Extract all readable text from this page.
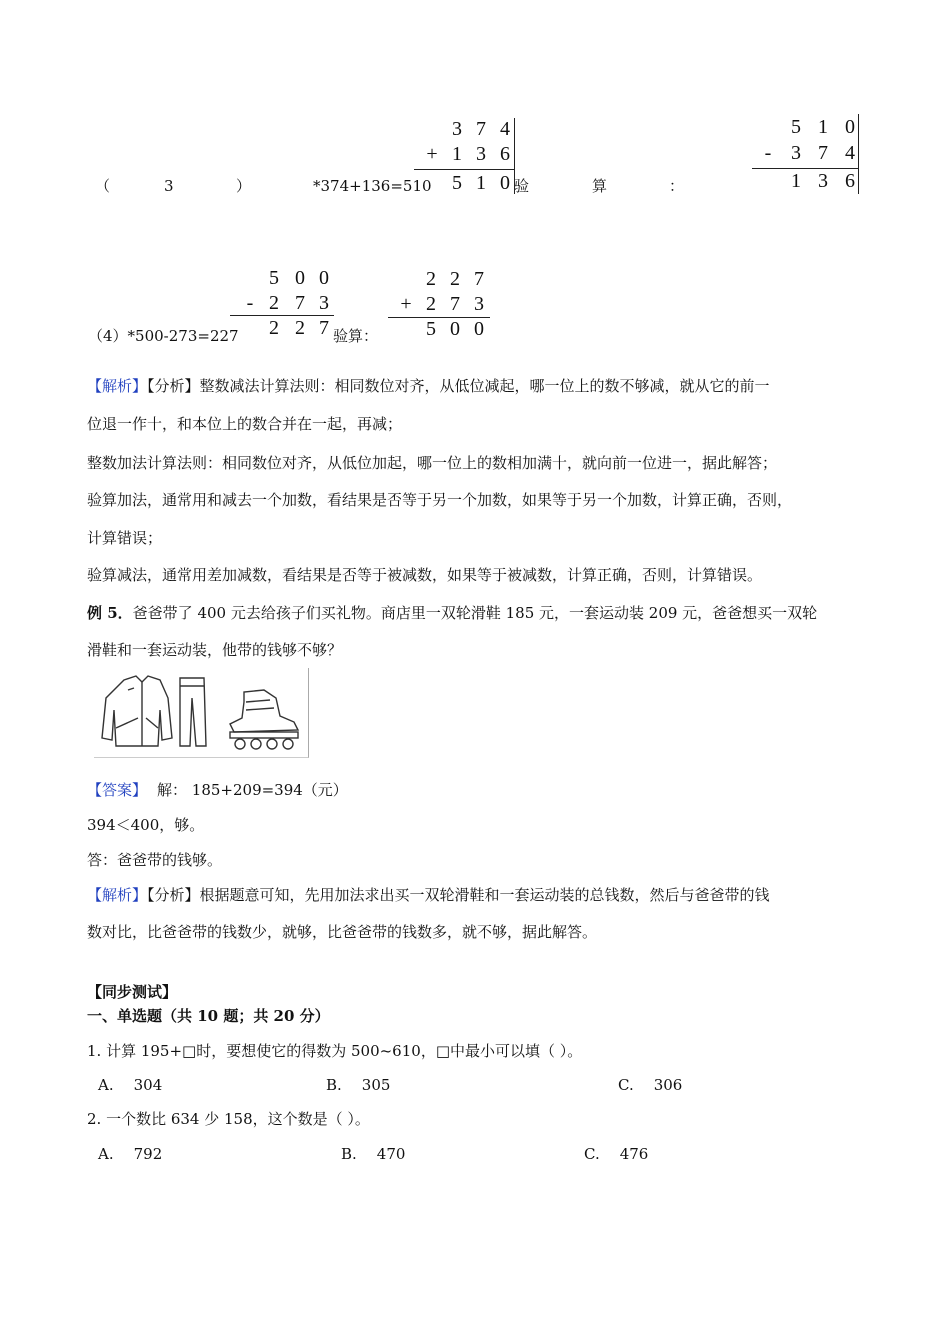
（	3	）	*374+136=510
3 7 4
+ 1 3 6
5 1 0 验	算	：
5 1 0
- 3 7 4
1 3 6
（4）*500-273=227
5 0 0
- 2 7 3
2 2 7 验算：
2 2 7
+ 2 7 3
5 0 0
【解析】【分析】整数减法计算法则：相同数位对齐，从低位减起，哪一位上的数不够减，就从它的前一
位退一作十，和本位上的数合并在一起，再减；
整数加法计算法则：相同数位对齐，从低位加起，哪一位上的数相加满十，就向前一位进一，据此解答；
验算加法，通常用和减去一个加数，看结果是否等于另一个加数，如果等于另一个加数，计算正确，否则，
计算错误；
验算减法，通常用差加减数，看结果是否等于被减数，如果等于被减数，计算正确，否则，计算错误。
例 5．爸爸带了 400 元去给孩子们买礼物。商店里一双轮滑鞋 185 元，一套运动装 209 元，爸爸想买一双轮
滑鞋和一套运动装，他带的钱够不够？
【答案】 解： 185+209=394（元）
394＜400，够。
答：爸爸带的钱够。
【解析】【分析】根据题意可知，先用加法求出买一双轮滑鞋和一套运动装的总钱数，然后与爸爸带的钱
数对比，比爸爸带的钱数少，就够，比爸爸带的钱数多，就不够，据此解答。
【同步测试】
一、单选题（共 10 题；共 20 分）
1. 计算 195+□时，要想使它的得数为 500~610，□中最小可以填（ ）。
A. 304	B. 305	C. 306
2. 一个数比 634 少 158，这个数是（ ）。
A. 792	B. 470	C. 476
